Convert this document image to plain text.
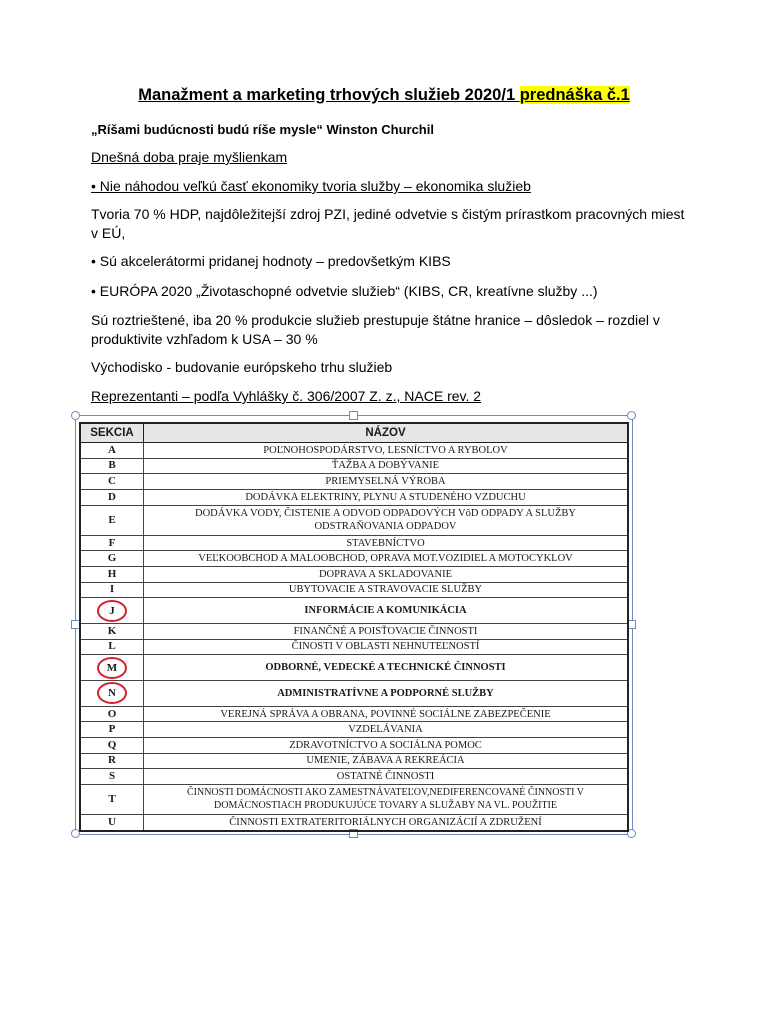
Manažment a marketing trhových služieb 2020/1 prednáška č.1
„Ríšami budúcnosti budú ríše mysle“ Winston Churchil
Dnešná doba praje myšlienkam
• Nie náhodou veľkú časť ekonomiky tvoria služby – ekonomika služieb
Tvoria 70 % HDP, najdôležitejší zdroj PZI, jediné odvetvie s čistým prírastkom pracovných miest v EÚ,
• Sú akcelerátormi pridanej hodnoty – predovšetkým KIBS
• EURÓPA 2020 „Životaschopné odvetvie služieb“ (KIBS, CR, kreatívne služby ...)
Sú roztrieštené, iba 20 % produkcie služieb prestupuje štátne hranice – dôsledok – rozdiel v produktivite vzhľadom k USA – 30 %
Východisko - budovanie európskeho trhu služieb
Reprezentanti – podľa Vyhlášky č. 306/2007 Z. z., NACE rev. 2
SEKCIA	NÁZOV
A	POĽNOHOSPODÁRSTVO, LESNÍCTVO A RYBOLOV
B	ŤAŽBA A DOBÝVANIE
C	PRIEMYSELNÁ VÝROBA
D	DODÁVKA ELEKTRINY, PLYNU A STUDENÉHO VZDUCHU
E	DODÁVKA VODY, ČISTENIE A ODVOD ODPADOVÝCH VôD ODPADY A SLUŽBY ODSTRAŇOVANIA ODPADOV
F	STAVEBNÍCTVO
G	VEĽKOOBCHOD A MALOOBCHOD, OPRAVA MOT.VOZIDIEL A MOTOCYKLOV
H	DOPRAVA A SKLADOVANIE
I	UBYTOVACIE A STRAVOVACIE SLUŽBY
J	INFORMÁCIE A KOMUNIKÁCIA
K	FINANČNÉ A POISŤOVACIE ČINNOSTI
L	ČINOSTI V OBLASTI NEHNUTEĽNOSTÍ
M	ODBORNÉ, VEDECKÉ A TECHNICKÉ ČINNOSTI
N	ADMINISTRATÍVNE A PODPORNÉ SLUŽBY
O	VEREJNÁ SPRÁVA A OBRANA, POVINNÉ SOCIÁLNE ZABEZPEČENIE
P	VZDELÁVANIA
Q	ZDRAVOTNÍCTVO A SOCIÁLNA POMOC
R	UMENIE, ZÁBAVA A REKREÁCIA
S	OSTATNÉ ČINNOSTI
T	ČINNOSTI DOMÁCNOSTI AKO ZAMESTNÁVATEĽOV,NEDIFERENCOVANÉ ČINNOSTI V DOMÁCNOSTIACH PRODUKUJÚCE TOVARY A SLUŽABY NA VL. POUŽITIE
U	ČINNOSTI EXTRATERITORIÁLNYCH ORGANIZÁCIÍ A ZDRUŽENÍ
